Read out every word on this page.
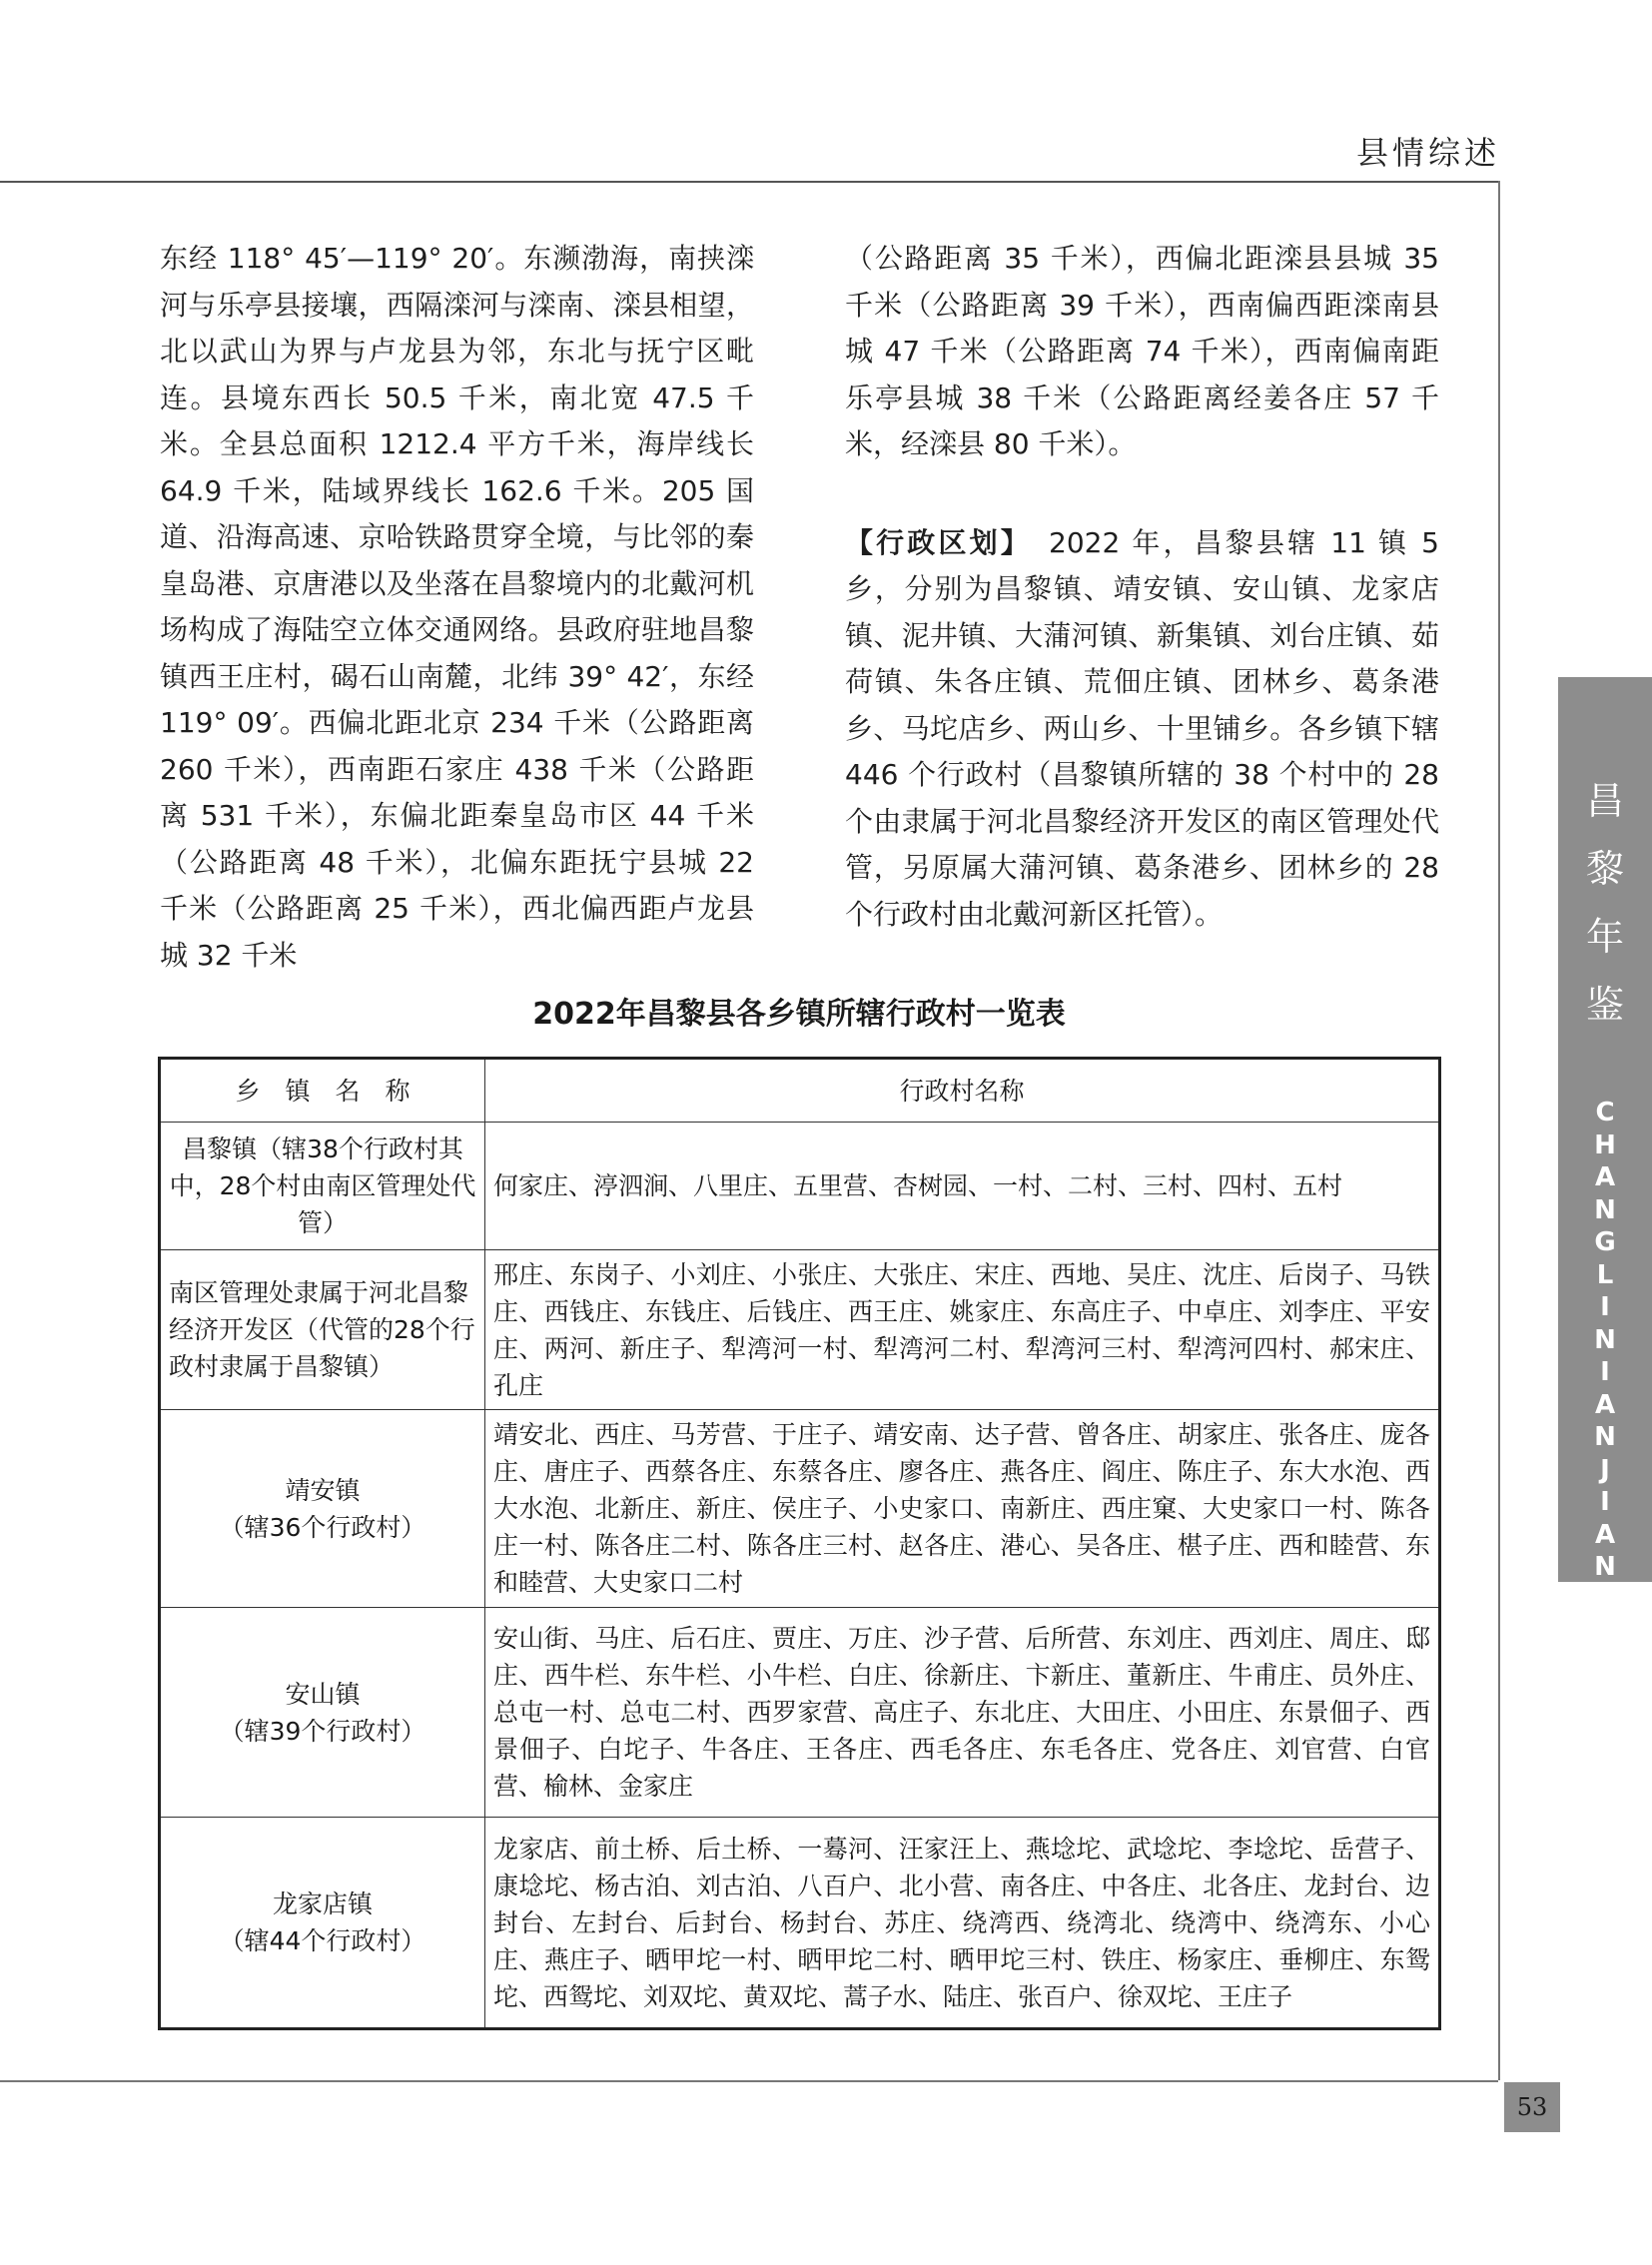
县情综述

东经 118° 45′—119° 20′。东濒渤海，南挟滦河与乐亭县接壤，西隔滦河与滦南、滦县相望，北以武山为界与卢龙县为邻，东北与抚宁区毗连。县境东西长 50.5 千米，南北宽 47.5 千米。全县总面积 1212.4 平方千米，海岸线长 64.9 千米，陆域界线长 162.6 千米。205 国道、沿海高速、京哈铁路贯穿全境，与比邻的秦皇岛港、京唐港以及坐落在昌黎境内的北戴河机场构成了海陆空立体交通网络。县政府驻地昌黎镇西王庄村，碣石山南麓，北纬 39° 42′，东经 119° 09′。西偏北距北京 234 千米（公路距离 260 千米），西南距石家庄 438 千米（公路距离 531 千米），东偏北距秦皇岛市区 44 千米（公路距离 48 千米），北偏东距抚宁县城 22 千米（公路距离 25 千米），西北偏西距卢龙县城 32 千米

（公路距离 35 千米），西偏北距滦县县城 35 千米（公路距离 39 千米），西南偏西距滦南县城 47 千米（公路距离 74 千米），西南偏南距乐亭县城 38 千米（公路距离经姜各庄 57 千米，经滦县 80 千米）。

【行政区划】　 2022 年，昌黎县辖 11 镇 5 乡，分别为昌黎镇、靖安镇、安山镇、龙家店镇、泥井镇、大蒲河镇、新集镇、刘台庄镇、茹荷镇、朱各庄镇、荒佃庄镇、团林乡、葛条港乡、马坨店乡、两山乡、十里铺乡。各乡镇下辖 446 个行政村（昌黎镇所辖的 38 个村中的 28 个由隶属于河北昌黎经济开发区的南区管理处代管，另原属大蒲河镇、葛条港乡、团林乡的 28 个行政村由北戴河新区托管）。

2022年昌黎县各乡镇所辖行政村一览表
乡　镇　名　称	行政村名称
昌黎镇（辖38个行政村其中，28个村由南区管理处代管）	何家庄、渟泗涧、八里庄、五里营、杏树园、一村、二村、三村、四村、五村
南区管理处隶属于河北昌黎经济开发区（代管的28个行政村隶属于昌黎镇）	邢庄、东岗子、小刘庄、小张庄、大张庄、宋庄、西地、吴庄、沈庄、后岗子、马铁庄、西钱庄、东钱庄、后钱庄、西王庄、姚家庄、东高庄子、中卓庄、刘李庄、平安庄、两河、新庄子、犁湾河一村、犁湾河二村、犁湾河三村、犁湾河四村、郝宋庄、孔庄

靖安镇
（辖36个行政村）	靖安北、西庄、马芳营、于庄子、靖安南、达子营、曾各庄、胡家庄、张各庄、庞各庄、唐庄子、西蔡各庄、东蔡各庄、廖各庄、燕各庄、阎庄、陈庄子、东大水泡、西大水泡、北新庄、新庄、侯庄子、小史家口、南新庄、西庄窠、大史家口一村、陈各庄一村、陈各庄二村、陈各庄三村、赵各庄、港心、吴各庄、椹子庄、西和睦营、东和睦营、大史家口二村

安山镇
（辖39个行政村）	安山街、马庄、后石庄、贾庄、万庄、沙子营、后所营、东刘庄、西刘庄、周庄、邸庄、西牛栏、东牛栏、小牛栏、白庄、徐新庄、卞新庄、董新庄、牛甫庄、员外庄、总屯一村、总屯二村、西罗家营、高庄子、东北庄、大田庄、小田庄、东景佃子、西景佃子、白坨子、牛各庄、王各庄、西毛各庄、东毛各庄、党各庄、刘官营、白官营、榆林、金家庄

龙家店镇
（辖44个行政村）	龙家店、前土桥、后土桥、一蓦河、汪家汪上、燕埝坨、武埝坨、李埝坨、岳营子、康埝坨、杨古泊、刘古泊、八百户、北小营、南各庄、中各庄、北各庄、龙封台、边封台、左封台、后封台、杨封台、苏庄、绕湾西、绕湾北、绕湾中、绕湾东、小心庄、燕庄子、晒甲坨一村、晒甲坨二村、晒甲坨三村、铁庄、杨家庄、垂柳庄、东鸳坨、西鸳坨、刘双坨、黄双坨、蒿子水、陆庄、张百户、徐双坨、王庄子
昌
黎
年
鉴
C
H
A
N
G
L
I
N
I
A
N
J
I
A
N
53
